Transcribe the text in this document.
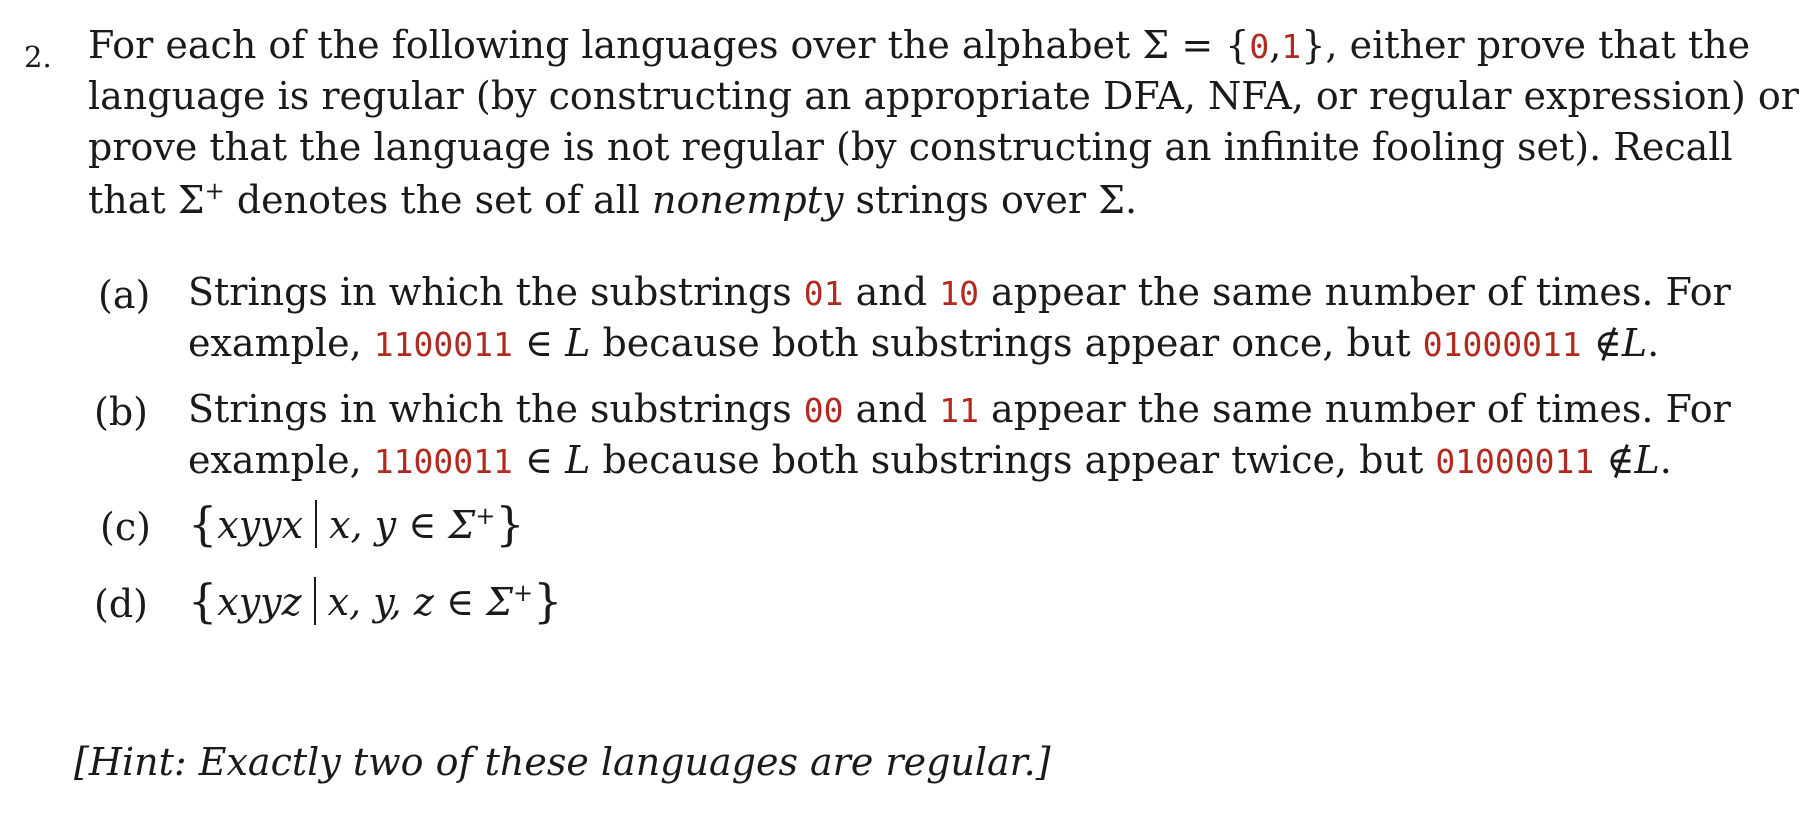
2. For each of the following languages over the alphabet Σ = {0,1}, either prove that the
language is regular (by constructing an appropriate DFA, NFA, or regular expression) or
prove that the language is not regular (by constructing an infinite fooling set). Recall
that Σ+ denotes the set of all nonempty strings over Σ.
(a) Strings in which the substrings 01 and 10 appear the same number of times. For
example, 1100011 ∈ L because both substrings appear once, but 01000011 ∉L.
(b) Strings in which the substrings 00 and 11 appear the same number of times. For
example, 1100011 ∈ L because both substrings appear twice, but 01000011 ∉L.
(c) {xyyx x, y ∈ Σ+}
(d) {xyyz x, y, z ∈ Σ+}
[Hint: Exactly two of these languages are regular.]
